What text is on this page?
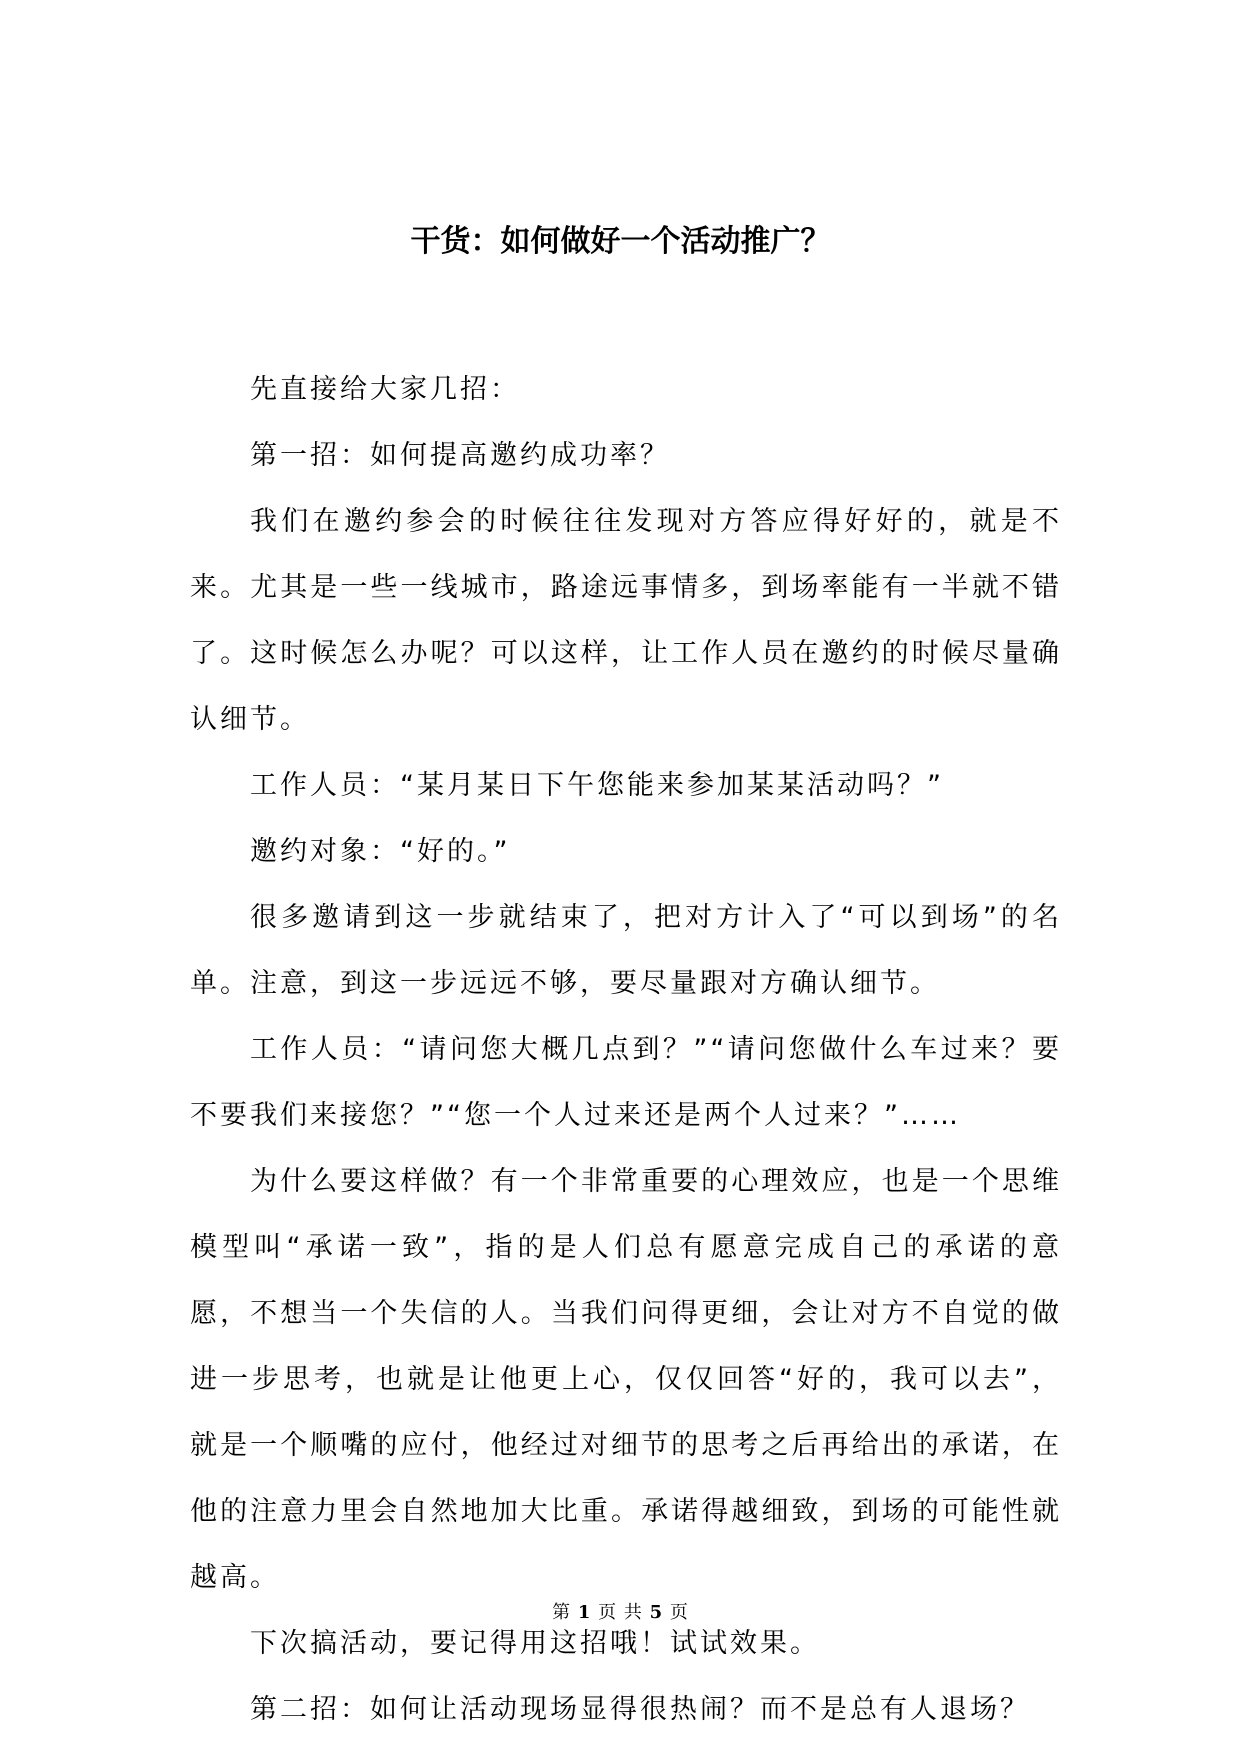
干货：如何做好一个活动推广？

先直接给大家几招：

第一招：如何提高邀约成功率？

我们在邀约参会的时候往往发现对方答应得好好的，就是不来。尤其是一些一线城市，路途远事情多，到场率能有一半就不错了。这时候怎么办呢？可以这样，让工作人员在邀约的时候尽量确认细节。

工作人员：“某月某日下午您能来参加某某活动吗？”

邀约对象：“好的。”

很多邀请到这一步就结束了，把对方计入了“可以到场”的名单。注意，到这一步远远不够，要尽量跟对方确认细节。

工作人员：“请问您大概几点到？”“请问您做什么车过来？要不要我们来接您？”“您一个人过来还是两个人过来？”……

为什么要这样做？有一个非常重要的心理效应，也是一个思维模型叫“承诺一致”，指的是人们总有愿意完成自己的承诺的意愿，不想当一个失信的人。当我们问得更细，会让对方不自觉的做进一步思考，也就是让他更上心，仅仅回答“好的，我可以去”，就是一个顺嘴的应付，他经过对细节的思考之后再给出的承诺，在他的注意力里会自然地加大比重。承诺得越细致，到场的可能性就越高。

下次搞活动，要记得用这招哦！试试效果。

第二招：如何让活动现场显得很热闹？而不是总有人退场？

第 1 页 共 5 页
